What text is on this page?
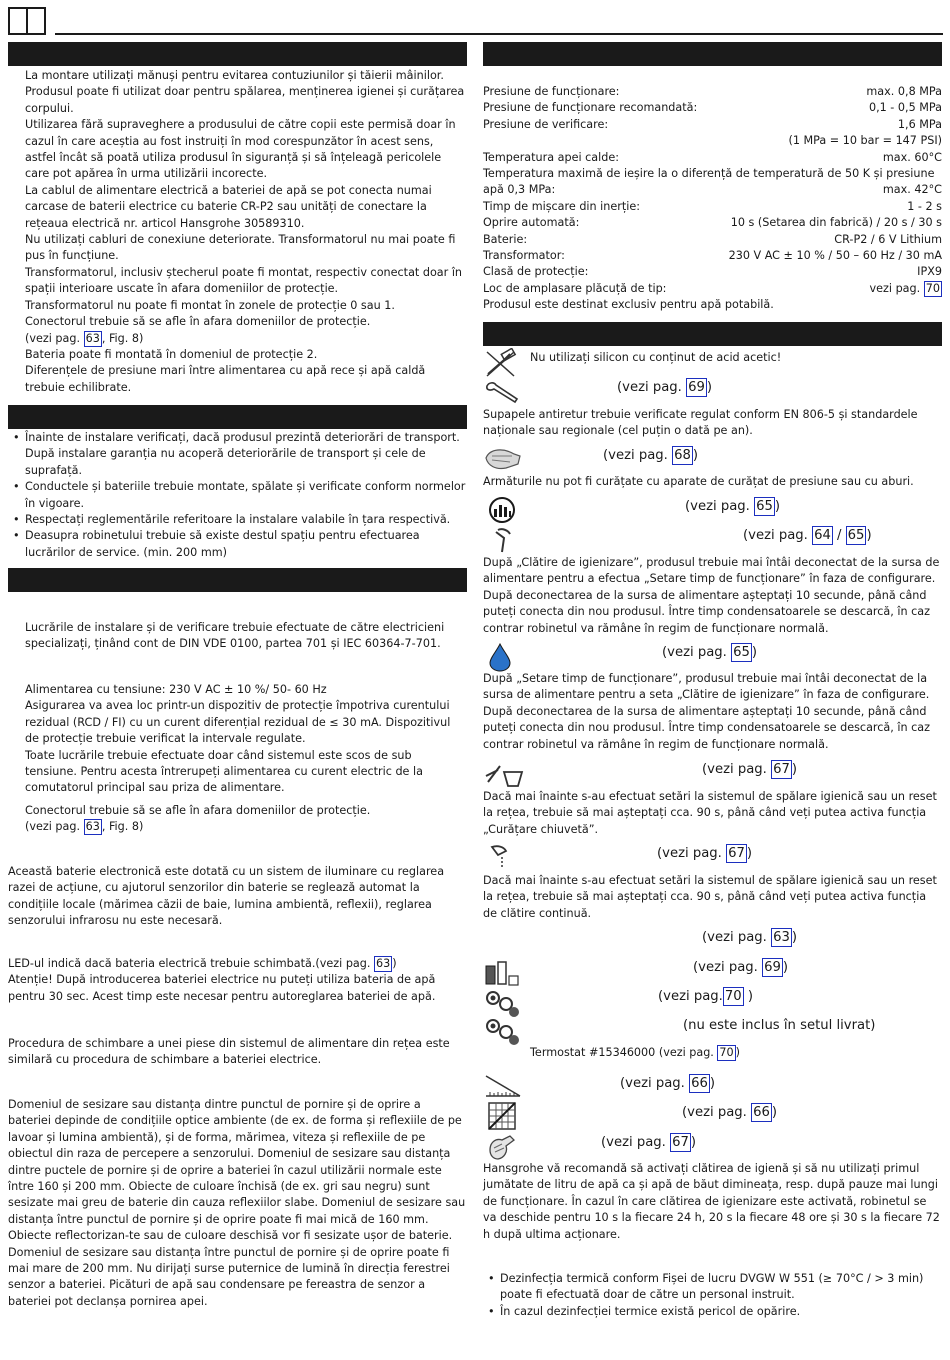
La montare utilizați mănuși pentru evitarea contuziunilor și tăierii mâinilor.

Produsul poate fi utilizat doar pentru spălarea, menținerea igienei și curățarea corpului.

Utilizarea fără supraveghere a produsului de către copii este permisă doar în cazul în care aceștia au fost instruiți în mod corespunzător în acest sens, astfel încât să poată utiliza produsul în siguranță și să înțeleagă pericolele care pot apărea în urma utilizării incorecte.

La cablul de alimentare electrică a bateriei de apă se pot conecta numai carcase de baterii electrice cu baterie CR-P2 sau unități de conectare la rețeaua electrică nr. articol Hansgrohe 30589310.

Nu utilizați cabluri de conexiune deteriorate. Transformatorul nu mai poate fi pus în funcțiune.

Transformatorul, inclusiv ștecherul poate fi montat, respectiv conectat doar în spații interioare uscate în afara domeniilor de protecție.

Transformatorul nu poate fi montat în zonele de protecție 0 sau 1.

Conectorul trebuie să se afle în afara domeniilor de protecție.

(vezi pag. 63 , Fig. 8)

Bateria poate fi montată în domeniul de protecție 2.

Diferențele de presiune mari între alimentarea cu apă rece și apă caldă trebuie echilibrate.

• Înainte de instalare verificați, dacă produsul prezintă deteriorări de transport. După instalare garanția nu acoperă deteriorările de transport și cele de suprafață.
• Conductele și bateriile trebuie montate, spălate și verificate conform normelor în vigoare.
• Respectați reglementările referitoare la instalare valabile în țara respectivă.
• Deasupra robinetului trebuie să existe destul spațiu pentru efectuarea lucrărilor de service. (min. 200 mm)

Lucrările de instalare și de verificare trebuie efectuate de către electricieni specializați, ținând cont de DIN VDE 0100, partea 701 și IEC 60364-7-701.

Alimentarea cu tensiune: 230 V AC ± 10 %/ 50- 60 Hz

Asigurarea va avea loc printr-un dispozitiv de protecție împotriva curentului rezidual (RCD / FI) cu un curent diferențial rezidual de ≤ 30 mA. Dispozitivul de protecție trebuie verificat la intervale regulate.

Toate lucrările trebuie efectuate doar când sistemul este scos de sub tensiune. Pentru acesta întrerupeți alimentarea cu curent electric de la comutatorul principal sau priza de alimentare.

Conectorul trebuie să se afle în afara domeniilor de protecție.

(vezi pag. 63 , Fig. 8)

Această baterie electronică este dotată cu un sistem de iluminare cu reglarea razei de acțiune, cu ajutorul senzorilor din baterie se reglează automat la condițiile locale (mărimea căzii de baie, lumina ambientă, reflexii), reglarea senzorului infrarosu nu este necesară.

LED-ul indică dacă bateria electrică trebuie schimbată.(vezi pag. 63 )

Atenție! După introducerea bateriei electrice nu puteți utiliza bateria de apă pentru 30 sec. Acest timp este necesar pentru autoreglarea bateriei de apă.

Procedura de schimbare a unei piese din sistemul de alimentare din rețea este similară cu procedura de schimbare a bateriei electrice.

Domeniul de sesizare sau distanța dintre punctul de pornire și de oprire a bateriei depinde de condițiile optice ambiente (de ex. de forma și reflexiile de pe lavoar și lumina ambientă), și de forma, mărimea, viteza și reflexiile de pe obiectul din raza de percepere a senzorului. Domeniul de sesizare sau distanța dintre puctele de pornire și de oprire a bateriei în cazul utilizării normale este între 160 și 200 mm. Obiecte de culoare închisă (de ex. gri sau negru) sunt sesizate mai greu de baterie din cauza reflexiilor slabe. Domeniul de sesizare sau distanța între punctul de pornire și de oprire poate fi mai mică de 160 mm. Obiecte reflectorizan-te sau de culoare deschisă vor fi sesizate ușor de baterie. Domeniul de sesizare sau distanța între punctul de pornire și de oprire poate fi mai mare de 200 mm. Nu dirijați surse puternice de lumină în direcția ferestrei senzor a bateriei. Picături de apă sau condensare pe fereastra de senzor a bateriei pot declanșa pornirea apei.

Presiune de funcționare:	max. 0,8 MPa
Presiune de funcționare recomandată:	0,1 - 0,5 MPa
Presiune de verificare:	1,6 MPa
(1 MPa = 10 bar = 147 PSI)
Temperatura apei calde:	max. 60°C
Temperatura maximă de ieșire la o diferență de temperatură de 50 K și presiune
apă 0,3 MPa:	max. 42°C
Timp de mișcare din inerție:	1 - 2 s
Oprire automată:	10 s (Setarea din fabrică) / 20 s / 30 s
Baterie:	CR-P2 / 6 V Lithium
Transformator:	230 V AC ± 10 % / 50 – 60 Hz / 30 mA
Clasă de protecție:	IPX9
Loc de amplasare plăcuță de tip:	vezi pag. 70
Produsul este destinat exclusiv pentru apă potabilă.
Nu utilizați silicon cu conținut de acid acetic!
(vezi pag. 69 )

Supapele antiretur trebuie verificate regulat conform EN 806-5 și standardele naționale sau regionale (cel puțin o dată pe an).

(vezi pag. 68 )

Armăturile nu pot fi curățate cu aparate de curățat de presiune sau cu aburi.

(vezi pag. 65 )
(vezi pag. 64 / 65 )

După „Clătire de igienizare”, produsul trebuie mai întâi deconectat de la sursa de alimentare pentru a efectua „Setare timp de funcționare” în faza de configurare. După deconectarea de la sursa de alimentare așteptați 10 secunde, până când puteți conecta din nou produsul. Între timp condensatoarele se descarcă, în caz contrar robinetul va rămâne în regim de funcționare normală.

(vezi pag. 65 )

După „Setare timp de funcționare”, produsul trebuie mai întâi deconectat de la sursa de alimentare pentru a seta „Clătire de igienizare” în faza de configurare. După deconectarea de la sursa de alimentare așteptați 10 secunde, până când puteți conecta din nou produsul. Între timp condensatoarele se descarcă, în caz contrar robinetul va rămâne în regim de funcționare normală.

(vezi pag. 67 )

Dacă mai înainte s-au efectuat setări la sistemul de spălare igienică sau un reset la rețea, trebuie să mai așteptați cca. 90 s, până când veți putea activa funcția „Curățare chiuvetă”.

(vezi pag. 67 )

Dacă mai înainte s-au efectuat setări la sistemul de spălare igienică sau un reset la rețea, trebuie să mai așteptați cca. 90 s, până când veți putea activa funcția de clătire continuă.

(vezi pag. 63 )
(vezi pag. 69 )
(vezi pag. 70 )
(nu este inclus în setul livrat)
Termostat #15346000 (vezi pag. 70 )
(vezi pag. 66 )
(vezi pag. 66 )
(vezi pag. 67 )

Hansgrohe vă recomandă să activați clătirea de igienă și să nu utilizați primul jumătate de litru de apă ca și apă de băut dimineața, resp. după pauze mai lungi de funcționare. În cazul în care clătirea de igienizare este activată, robinetul se va deschide pentru 10 s la fiecare 24 h, 20 s la fiecare 48 ore și 30 s la fiecare 72 h după ultima acționare.

• Dezinfecția termică conform Fișei de lucru DVGW W 551 (≥ 70°C / > 3 min) poate fi efectuată doar de către un personal instruit.
• În cazul dezinfecției termice există pericol de opărire.
